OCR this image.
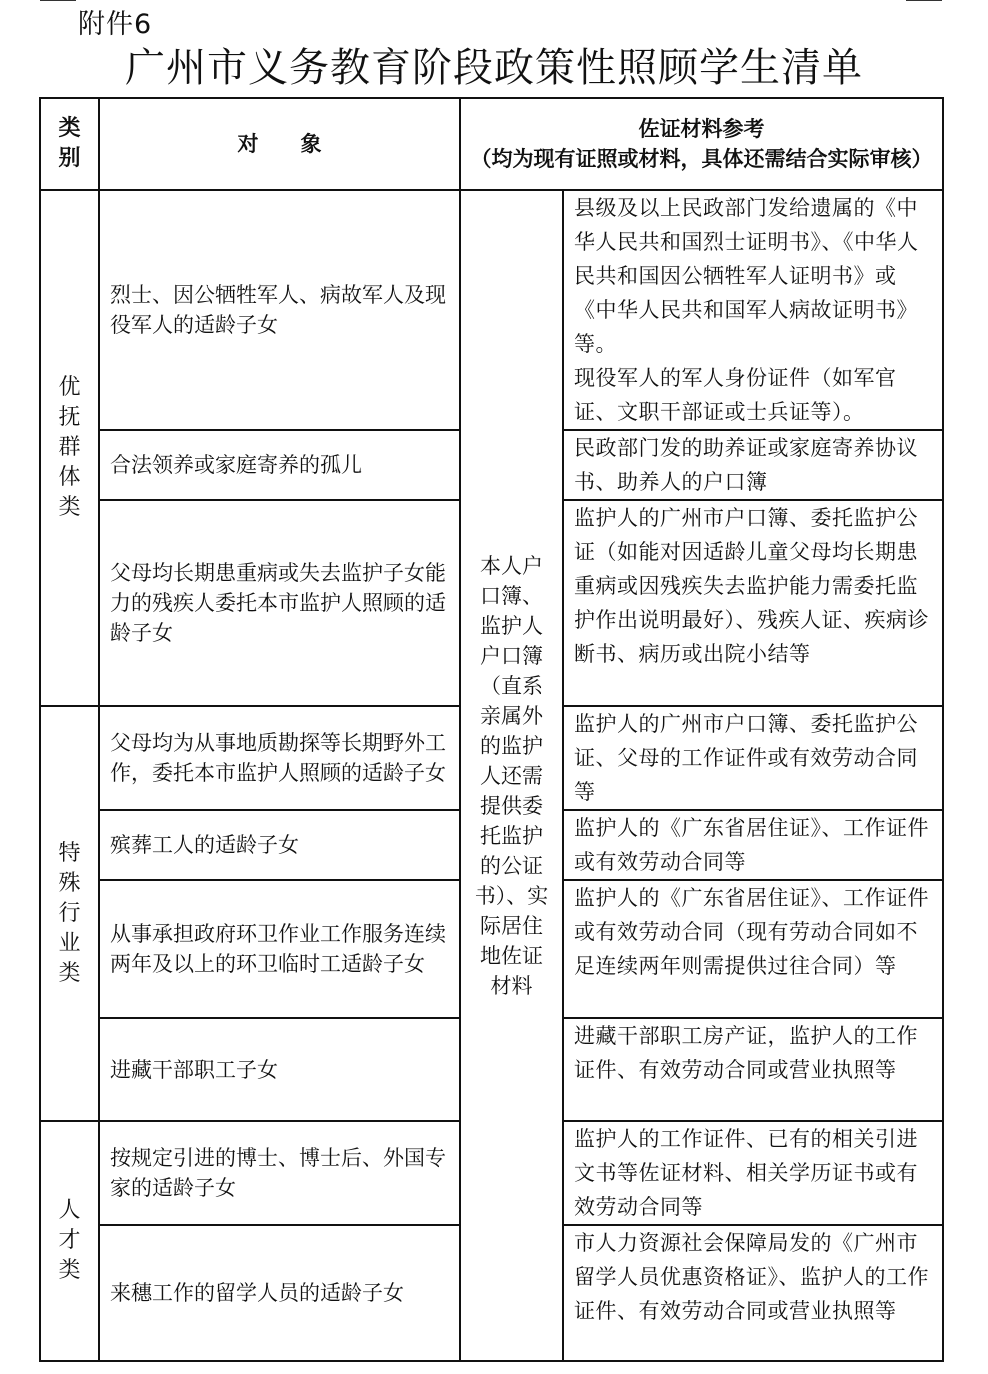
附件6
广州市义务教育阶段政策性照顾学生清单
类别	对　　象	佐证材料参考
（均为现有证照或材料，具体还需结合实际审核）	

优抚群体类	烈士、因公牺牲军人、病故军人及现役军人的适龄子女	本人户口簿、监护人户口簿（直系亲属外的监护人还需提供委托监护的公证书）、实际居住地佐证材料	县级及以上民政部门发给遗属的《中华人民共和国烈士证明书》、《中华人民共和国因公牺牲军人证明书》或《中华人民共和国军人病故证明书》等。

现役军人的军人身份证件（如军官证、文职干部证或士兵证等）。

	合法领养或家庭寄养的孤儿		民政部门发的助养证或家庭寄养协议书、助养人的户口簿

	父母均长期患重病或失去监护子女能力的残疾人委托本市监护人照顾的适龄子女		监护人的广州市户口簿、委托监护公证（如能对因适龄儿童父母均长期患重病或因残疾失去监护能力需委托监护作出说明最好）、残疾人证、疾病诊断书、病历或出院小结等

特殊行业类	父母均为从事地质勘探等长期野外工作，委托本市监护人照顾的适龄子女		监护人的广州市户口簿、委托监护公证、父母的工作证件或有效劳动合同等

	殡葬工人的适龄子女		监护人的《广东省居住证》、工作证件或有效劳动合同等

	从事承担政府环卫作业工作服务连续两年及以上的环卫临时工适龄子女		监护人的《广东省居住证》、工作证件或有效劳动合同（现有劳动合同如不足连续两年则需提供过往合同）等

	进藏干部职工子女		进藏干部职工房产证，监护人的工作证件、有效劳动合同或营业执照等

人才类	按规定引进的博士、博士后、外国专家的适龄子女		监护人的工作证件、已有的相关引进文书等佐证材料、相关学历证书或有效劳动合同等

	来穗工作的留学人员的适龄子女		市人力资源社会保障局发的《广州市留学人员优惠资格证》、监护人的工作证件、有效劳动合同或营业执照等
